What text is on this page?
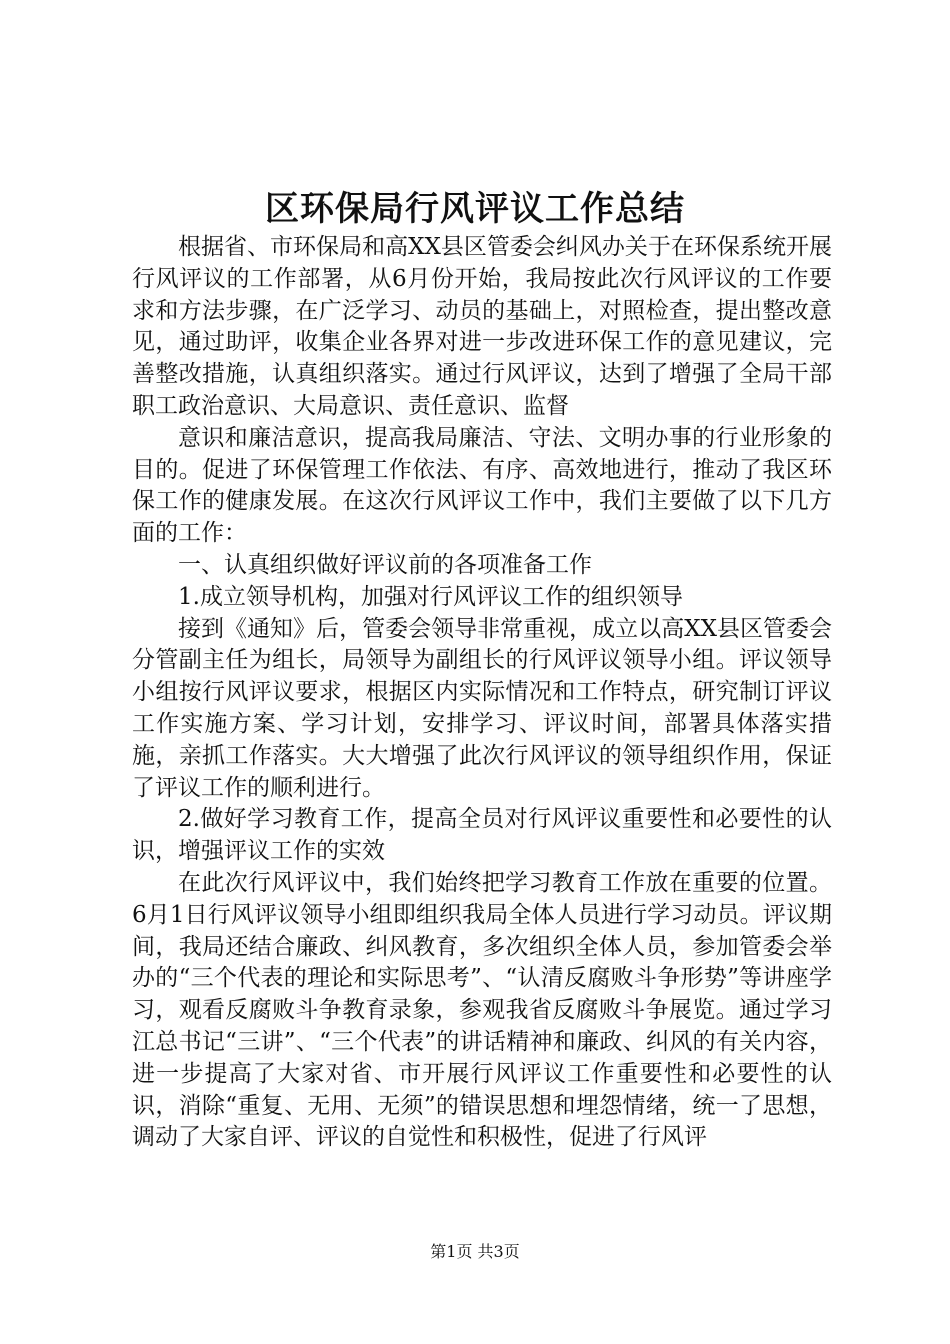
区环保局行风评议工作总结

根据省、市环保局和高XX县区管委会纠风办关于在环保系统开展行风评议的工作部署，从6月份开始，我局按此次行风评议的工作要求和方法步骤，在广泛学习、动员的基础上，对照检查，提出整改意见，通过助评，收集企业各界对进一步改进环保工作的意见建议，完善整改措施，认真组织落实。通过行风评议，达到了增强了全局干部职工政治意识、大局意识、责任意识、监督

意识和廉洁意识，提高我局廉洁、守法、文明办事的行业形象的目的。促进了环保管理工作依法、有序、高效地进行，推动了我区环保工作的健康发展。在这次行风评议工作中，我们主要做了以下几方面的工作：

一、认真组织做好评议前的各项准备工作

1.成立领导机构，加强对行风评议工作的组织领导

接到《通知》后，管委会领导非常重视，成立以高XX县区管委会分管副主任为组长，局领导为副组长的行风评议领导小组。评议领导小组按行风评议要求，根据区内实际情况和工作特点，研究制订评议工作实施方案、学习计划，安排学习、评议时间，部署具体落实措施，亲抓工作落实。大大增强了此次行风评议的领导组织作用，保证了评议工作的顺利进行。

2.做好学习教育工作，提高全员对行风评议重要性和必要性的认识，增强评议工作的实效

在此次行风评议中，我们始终把学习教育工作放在重要的位置。6月1日行风评议领导小组即组织我局全体人员进行学习动员。评议期间，我局还结合廉政、纠风教育，多次组织全体人员，参加管委会举办的“三个代表的理论和实际思考”、“认清反腐败斗争形势”等讲座学习，观看反腐败斗争教育录象，参观我省反腐败斗争展览。通过学习江总书记“三讲”、“三个代表”的讲话精神和廉政、纠风的有关内容，进一步提高了大家对省、市开展行风评议工作重要性和必要性的认识，消除“重复、无用、无须”的错误思想和埋怨情绪，统一了思想，调动了大家自评、评议的自觉性和积极性，促进了行风评

第1页 共3页
